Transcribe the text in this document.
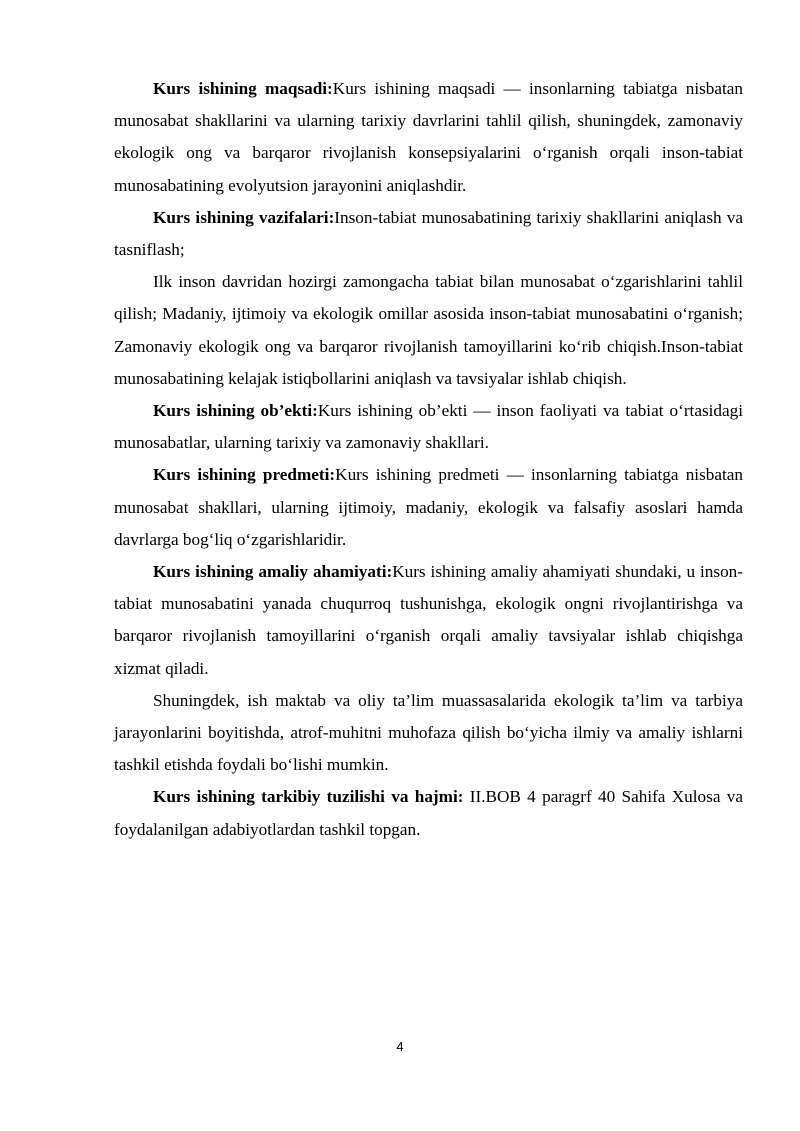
Kurs ishining maqsadi:Kurs ishining maqsadi — insonlarning tabiatga nisbatan munosabat shakllarini va ularning tarixiy davrlarini tahlil qilish, shuningdek, zamonaviy ekologik ong va barqaror rivojlanish konsepsiyalarini o‘rganish orqali inson-tabiat munosabatining evolyutsion jarayonini aniqlashdir.

Kurs ishining vazifalari:Inson-tabiat munosabatining tarixiy shakllarini aniqlash va tasniflash;

Ilk inson davridan hozirgi zamongacha tabiat bilan munosabat o‘zgarishlarini tahlil qilish; Madaniy, ijtimoiy va ekologik omillar asosida inson-tabiat munosabatini o‘rganish; Zamonaviy ekologik ong va barqaror rivojlanish tamoyillarini ko‘rib chiqish.Inson-tabiat munosabatining kelajak istiqbollarini aniqlash va tavsiyalar ishlab chiqish.

Kurs ishining ob’ekti:Kurs ishining ob’ekti — inson faoliyati va tabiat o‘rtasidagi munosabatlar, ularning tarixiy va zamonaviy shakllari.

Kurs ishining predmeti:Kurs ishining predmeti — insonlarning tabiatga nisbatan munosabat shakllari, ularning ijtimoiy, madaniy, ekologik va falsafiy asoslari hamda davrlarga bog‘liq o‘zgarishlaridir.

Kurs ishining amaliy ahamiyati:Kurs ishining amaliy ahamiyati shundaki, u inson-tabiat munosabatini yanada chuqurroq tushunishga, ekologik ongni rivojlantirishga va barqaror rivojlanish tamoyillarini o‘rganish orqali amaliy tavsiyalar ishlab chiqishga xizmat qiladi.

Shuningdek, ish maktab va oliy ta’lim muassasalarida ekologik ta’lim va tarbiya jarayonlarini boyitishda, atrof-muhitni muhofaza qilish bo‘yicha ilmiy va amaliy ishlarni tashkil etishda foydali bo‘lishi mumkin.

Kurs ishining tarkibiy tuzilishi va hajmi: II.BOB 4 paragrf 40 Sahifa Xulosa va foydalanilgan adabiyotlardan tashkil topgan.

4
